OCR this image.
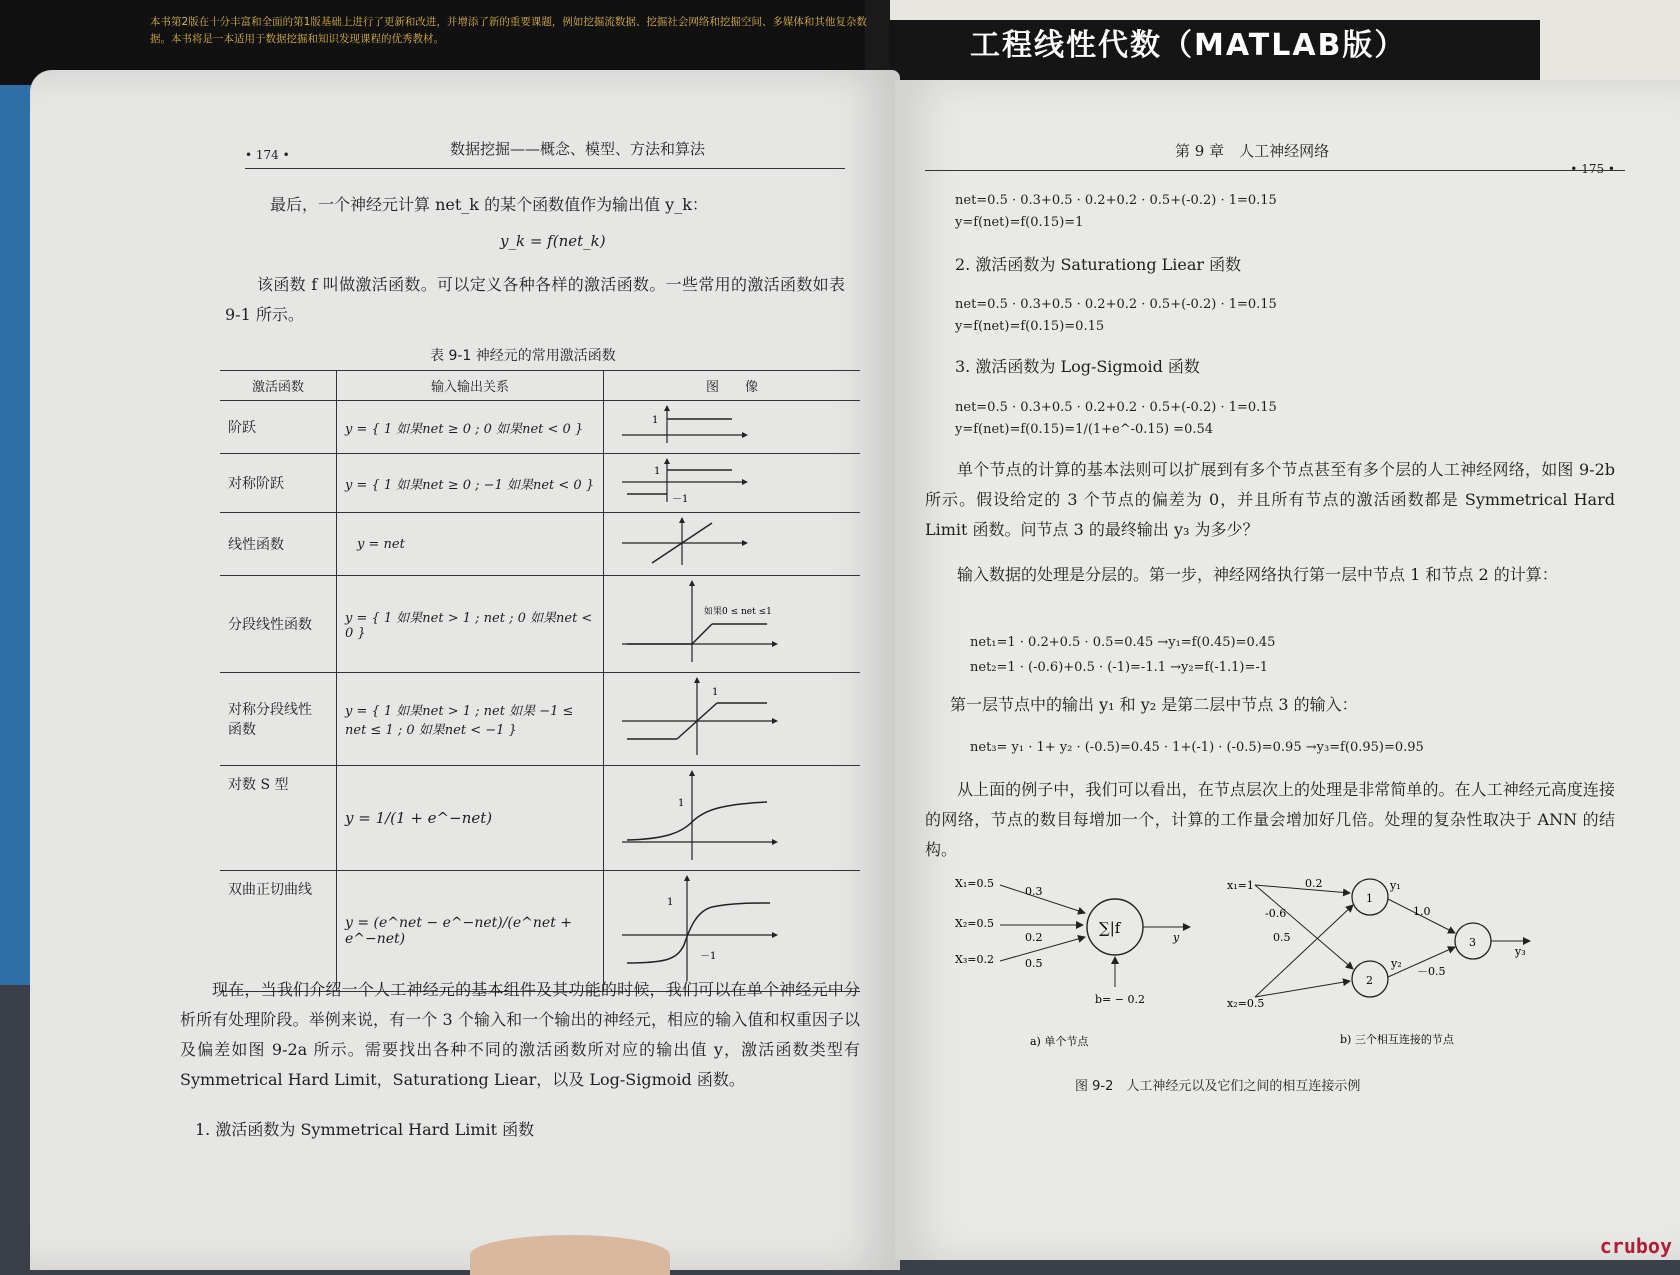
本书第2版在十分丰富和全面的第1版基础上进行了更新和改进，并增添了新的重要课题，例如挖掘流数据、挖掘社会网络和挖掘空间、多媒体和其他复杂数据。本书将是一本适用于数据挖掘和知识发现课程的优秀教材。	工程线性代数（MATLAB版）
• 174 •	数据挖掘——概念、模型、方法和算法
最后，一个神经元计算 net_k 的某个函数值作为输出值 y_k：
y_k = f(net_k)
该函数 f 叫做激活函数。可以定义各种各样的激活函数。一些常用的激活函数如表 9-1 所示。
表 9-1 神经元的常用激活函数
激活函数	输入输出关系	图　　像
阶跃	y = { 1 如果net ≥ 0 ; 0 如果net < 0 }	1

对称阶跃	y = { 1 如果net ≥ 0 ; −1 如果net < 0 }	1
－1

线性函数	y = net	
分段线性函数	y = { 1 如果net > 1 ; net ; 0 如果net < 0 }	如果0 ≤ net ≤1

对称分段线性 函数	y = { 1 如果net > 1 ; net 如果 −1 ≤ net ≤ 1 ; 0 如果net < −1 }	1

对数 S 型	y = 1/(1 + e^−net)	1

双曲正切曲线	y = (e^net − e^−net)/(e^net + e^−net)	1
－1
现在，当我们介绍一个人工神经元的基本组件及其功能的时候，我们可以在单个神经元中分析所有处理阶段。举例来说，有一个 3 个输入和一个输出的神经元，相应的输入值和权重因子以及偏差如图 9-2a 所示。需要找出各种不同的激活函数所对应的输出值 y，激活函数类型有 Symmetrical Hard Limit，Saturationg Liear，以及 Log-Sigmoid 函数。
1. 激活函数为 Symmetrical Hard Limit 函数
第 9 章　人工神经网络
• 175 •
net=0.5 · 0.3+0.5 · 0.2+0.2 · 0.5+(-0.2) · 1=0.15
y=f(net)=f(0.15)=1
2. 激活函数为 Saturationg Liear 函数
net=0.5 · 0.3+0.5 · 0.2+0.2 · 0.5+(-0.2) · 1=0.15
y=f(net)=f(0.15)=0.15
3. 激活函数为 Log-Sigmoid 函数
net=0.5 · 0.3+0.5 · 0.2+0.2 · 0.5+(-0.2) · 1=0.15
y=f(net)=f(0.15)=1/(1+e^-0.15) =0.54
单个节点的计算的基本法则可以扩展到有多个节点甚至有多个层的人工神经网络，如图 9-2b 所示。假设给定的 3 个节点的偏差为 0，并且所有节点的激活函数都是 Symmetrical Hard Limit 函数。问节点 3 的最终输出 y₃ 为多少？
输入数据的处理是分层的。第一步，神经网络执行第一层中节点 1 和节点 2 的计算：
net₁=1 · 0.2+0.5 · 0.5=0.45 →y₁=f(0.45)=0.45
net₂=1 · (-0.6)+0.5 · (-1)=-1.1 →y₂=f(-1.1)=-1
第一层节点中的输出 y₁ 和 y₂ 是第二层中节点 3 的输入：
net₃= y₁ · 1+ y₂ · (-0.5)=0.45 · 1+(-1) · (-0.5)=0.95 →y₃=f(0.95)=0.95
从上面的例子中，我们可以看出，在节点层次上的处理是非常简单的。在人工神经元高度连接的网络，节点的数目每增加一个，计算的工作量会增加好几倍。处理的复杂性取决于 ANN 的结构。
X₁=0.5
X₂=0.5
X₃=0.2
0.3
0.2
0.5
∑|f
y
b= − 0.2
a) 单个节点
x₁=1
x₂=0.5
0.2
-0.6
0.5
1
2
y₁
y₂
1.0
－0.5
3
y₃
b) 三个相互连接的节点
图 9-2　人工神经元以及它们之间的相互连接示例
cruboy
